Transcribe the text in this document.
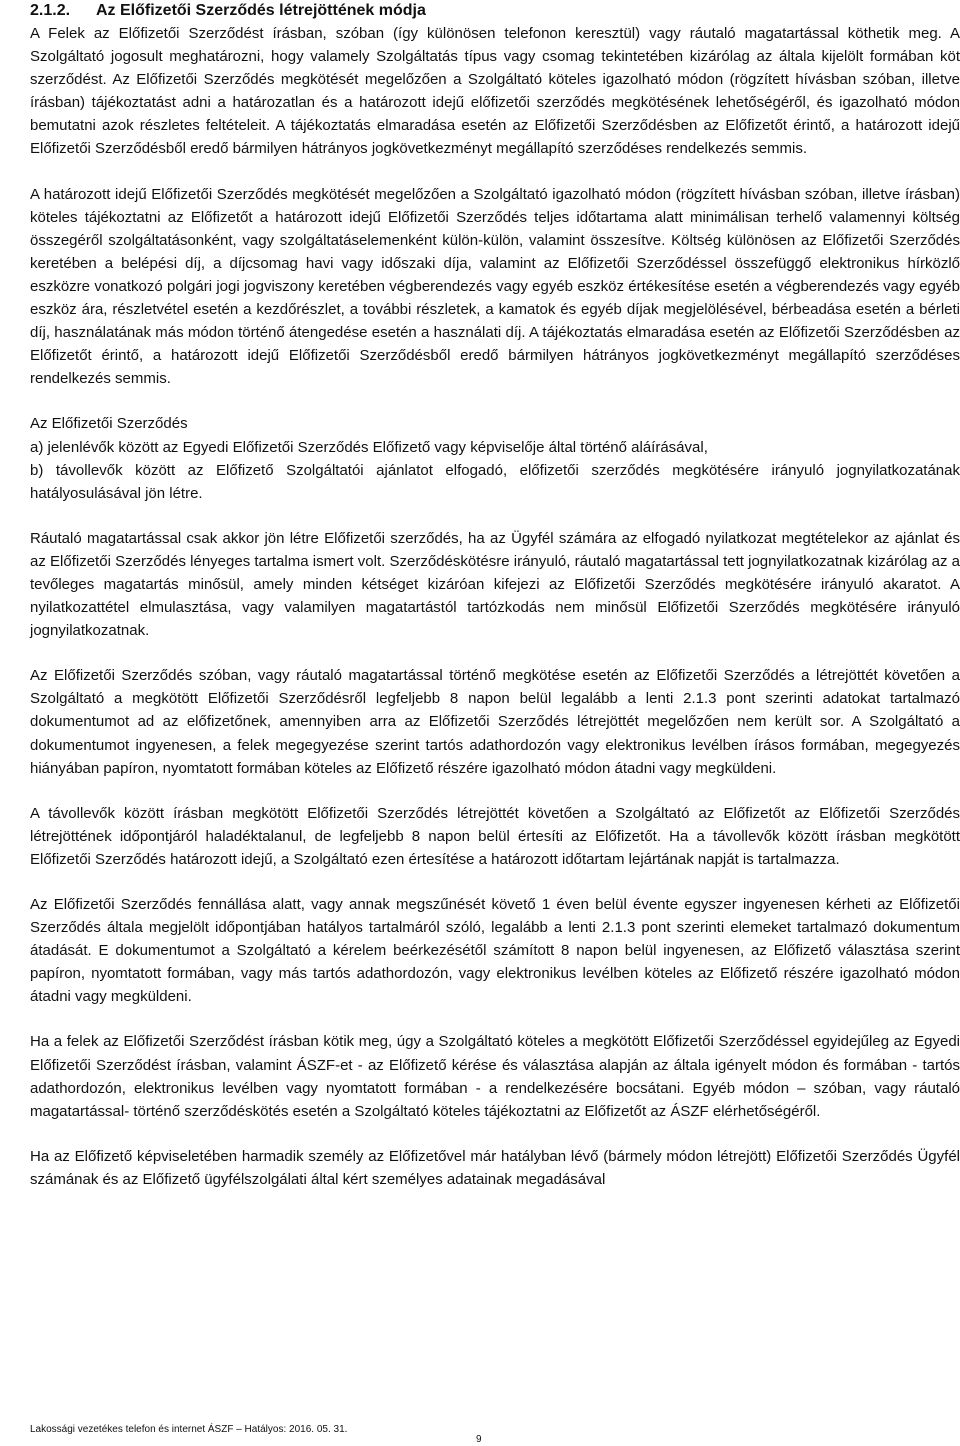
2.1.2.	Az Előfizetői Szerződés létrejöttének módja

A Felek az Előfizetői Szerződést írásban, szóban (így különösen telefonon keresztül) vagy ráutaló magatartással köthetik meg. A Szolgáltató jogosult meghatározni, hogy valamely Szolgáltatás típus vagy csomag tekintetében kizárólag az általa kijelölt formában köt szerződést. Az Előfizetői Szerződés megkötését megelőzően a Szolgáltató köteles igazolható módon (rögzített hívásban szóban, illetve írásban) tájékoztatást adni a határozatlan és a határozott idejű előfizetői szerződés megkötésének lehetőségéről, és igazolható módon bemutatni azok részletes feltételeit. A tájékoztatás elmaradása esetén az Előfizetői Szerződésben az Előfizetőt érintő, a határozott idejű Előfizetői Szerződésből eredő bármilyen hátrányos jogkövetkezményt megállapító szerződéses rendelkezés semmis.

A határozott idejű Előfizetői Szerződés megkötését megelőzően a Szolgáltató igazolható módon (rögzített hívásban szóban, illetve írásban) köteles tájékoztatni az Előfizetőt a határozott idejű Előfizetői Szerződés teljes időtartama alatt minimálisan terhelő valamennyi költség összegéről szolgáltatásonként, vagy szolgáltatáselemenként külön-külön, valamint összesítve. Költség különösen az Előfizetői Szerződés keretében a belépési díj, a díjcsomag havi vagy időszaki díja, valamint az Előfizetői Szerződéssel összefüggő elektronikus hírközlő eszközre vonatkozó polgári jogi jogviszony keretében végberendezés vagy egyéb eszköz értékesítése esetén a végberendezés vagy egyéb eszköz ára, részletvétel esetén a kezdőrészlet, a további részletek, a kamatok és egyéb díjak megjelölésével, bérbeadása esetén a bérleti díj, használatának más módon történő átengedése esetén a használati díj. A tájékoztatás elmaradása esetén az Előfizetői Szerződésben az Előfizetőt érintő, a határozott idejű Előfizetői Szerződésből eredő bármilyen hátrányos jogkövetkezményt megállapító szerződéses rendelkezés semmis.

Az Előfizetői Szerződés

a) jelenlévők között az Egyedi Előfizetői Szerződés Előfizető vagy képviselője által történő aláírásával,

b) távollevők között az Előfizető Szolgáltatói ajánlatot elfogadó, előfizetői szerződés megkötésére irányuló jognyilatkozatának hatályosulásával jön létre.

Ráutaló magatartással csak akkor jön létre Előfizetői szerződés, ha az Ügyfél számára az elfogadó nyilatkozat megtételekor az ajánlat és az Előfizetői Szerződés lényeges tartalma ismert volt. Szerződéskötésre irányuló, ráutaló magatartással tett jognyilatkozatnak kizárólag az a tevőleges magatartás minősül, amely minden kétséget kizáróan kifejezi az Előfizetői Szerződés megkötésére irányuló akaratot. A nyilatkozattétel elmulasztása, vagy valamilyen magatartástól tartózkodás nem minősül Előfizetői Szerződés megkötésére irányuló jognyilatkozatnak.

Az Előfizetői Szerződés szóban, vagy ráutaló magatartással történő megkötése esetén az Előfizetői Szerződés a létrejöttét követően a Szolgáltató a megkötött Előfizetői Szerződésről legfeljebb 8 napon belül legalább a lenti 2.1.3 pont szerinti adatokat tartalmazó dokumentumot ad az előfizetőnek, amennyiben arra az Előfizetői Szerződés létrejöttét megelőzően nem került sor. A Szolgáltató a dokumentumot ingyenesen, a felek megegyezése szerint tartós adathordozón vagy elektronikus levélben írásos formában, megegyezés hiányában papíron, nyomtatott formában köteles az Előfizető részére igazolható módon átadni vagy megküldeni.

A távollevők között írásban megkötött Előfizetői Szerződés létrejöttét követően a Szolgáltató az Előfizetőt az Előfizetői Szerződés létrejöttének időpontjáról haladéktalanul, de legfeljebb 8 napon belül értesíti az Előfizetőt. Ha a távollevők között írásban megkötött Előfizetői Szerződés határozott idejű, a Szolgáltató ezen értesítése a határozott időtartam lejártának napját is tartalmazza.

Az Előfizetői Szerződés fennállása alatt, vagy annak megszűnését követő 1 éven belül évente egyszer ingyenesen kérheti az Előfizetői Szerződés általa megjelölt időpontjában hatályos tartalmáról szóló, legalább a lenti 2.1.3 pont szerinti elemeket tartalmazó dokumentum átadását. E dokumentumot a Szolgáltató a kérelem beérkezésétől számított 8 napon belül ingyenesen, az Előfizető választása szerint papíron, nyomtatott formában, vagy más tartós adathordozón, vagy elektronikus levélben köteles az Előfizető részére igazolható módon átadni vagy megküldeni.

Ha a felek az Előfizetői Szerződést írásban kötik meg, úgy a Szolgáltató köteles a megkötött Előfizetői Szerződéssel egyidejűleg az Egyedi Előfizetői Szerződést írásban, valamint ÁSZF-et - az Előfizető kérése és választása alapján az általa igényelt módon és formában - tartós adathordozón, elektronikus levélben vagy nyomtatott formában - a rendelkezésére bocsátani. Egyéb módon – szóban, vagy ráutaló magatartással- történő szerződéskötés esetén a Szolgáltató köteles tájékoztatni az Előfizetőt az ÁSZF elérhetőségéről.

Ha az Előfizető képviseletében harmadik személy az Előfizetővel már hatályban lévő (bármely módon létrejött) Előfizetői Szerződés Ügyfél számának és az Előfizető ügyfélszolgálati által kért személyes adatainak megadásával

Lakossági vezetékes telefon és internet ÁSZF – Hatályos: 2016. 05. 31.
9
